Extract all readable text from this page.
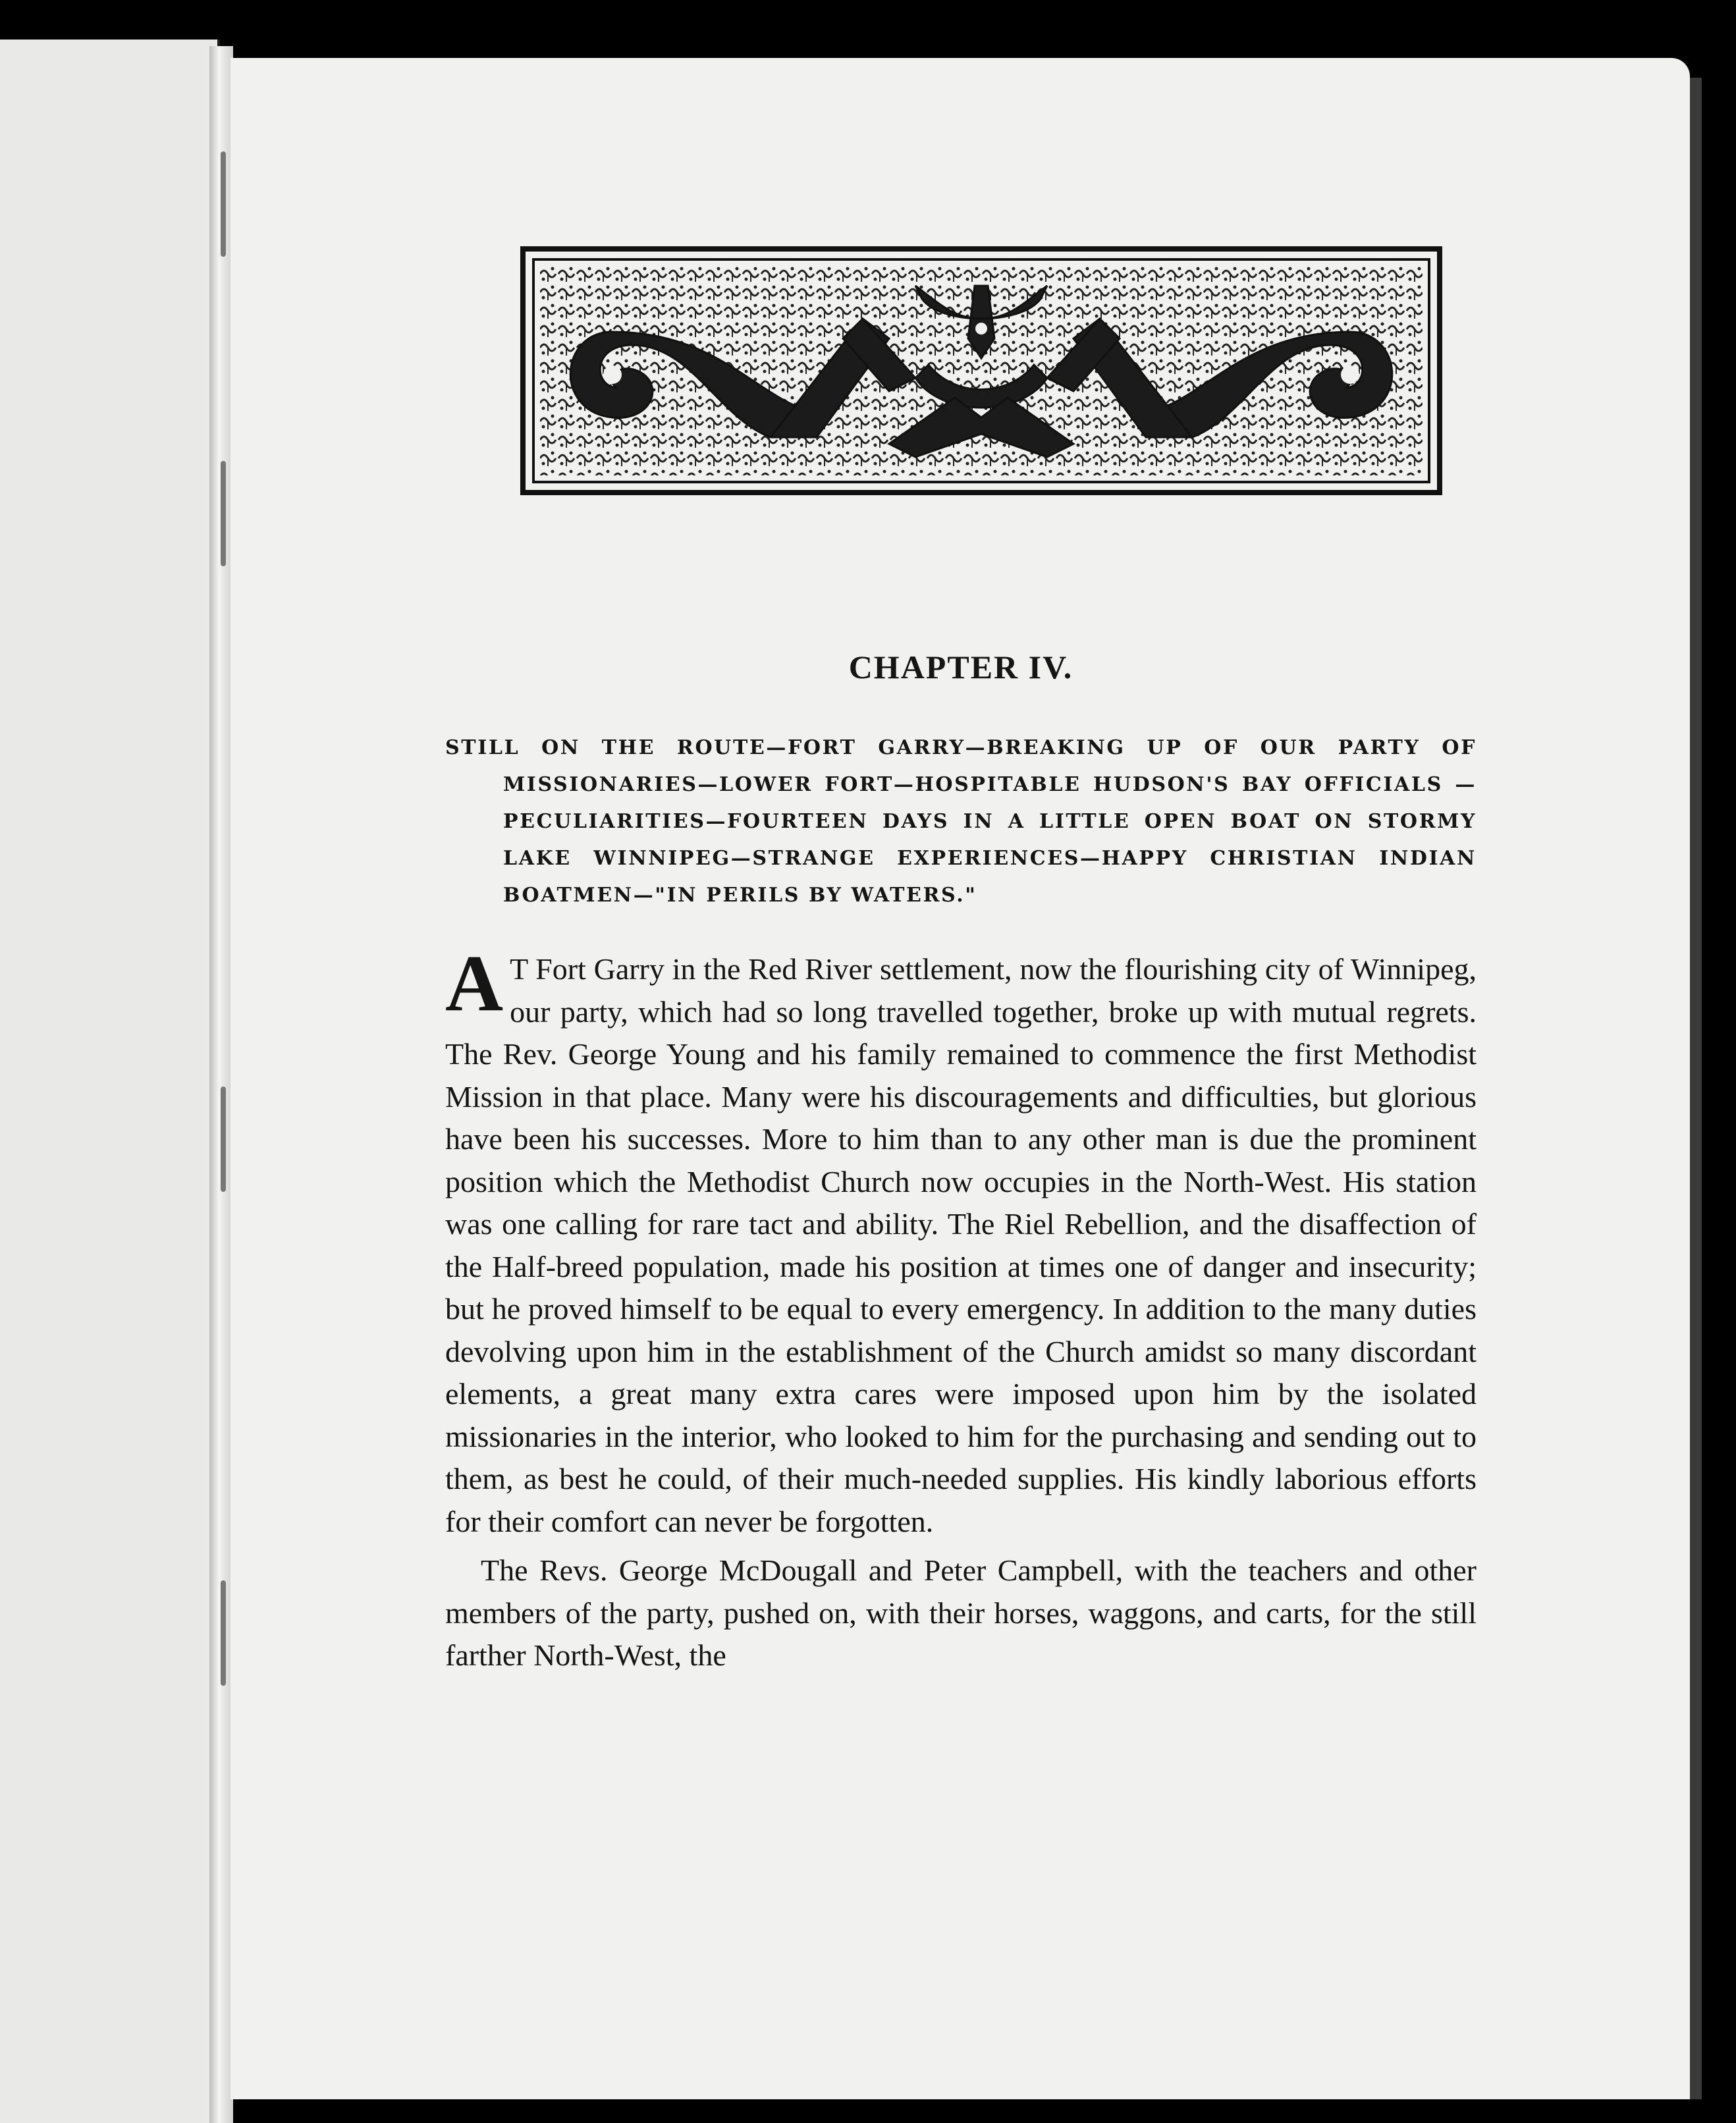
CHAPTER IV.

STILL ON THE ROUTE—FORT GARRY—BREAKING UP OF OUR PARTY OF MISSIONARIES—LOWER FORT—HOSPITABLE HUDSON'S BAY OFFICIALS —PECULIARITIES—FOURTEEN DAYS IN A LITTLE OPEN BOAT ON STORMY LAKE WINNIPEG—STRANGE EXPERIENCES—HAPPY CHRISTIAN INDIAN BOATMEN—"IN PERILS BY WATERS."

A T Fort Garry in the Red River settlement, now the flourishing city of Winnipeg, our party, which had so long travelled together, broke up with mutual regrets. The Rev. George Young and his family remained to commence the first Methodist Mission in that place. Many were his discouragements and difficulties, but glorious have been his successes. More to him than to any other man is due the prominent position which the Methodist Church now occupies in the North-West. His station was one calling for rare tact and ability. The Riel Rebellion, and the disaffection of the Half-breed population, made his position at times one of danger and insecurity; but he proved himself to be equal to every emergency. In addition to the many duties devolving upon him in the establishment of the Church amidst so many discordant elements, a great many extra cares were imposed upon him by the isolated missionaries in the interior, who looked to him for the purchasing and sending out to them, as best he could, of their much-needed supplies. His kindly laborious efforts for their comfort can never be forgotten.

The Revs. George McDougall and Peter Campbell, with the teachers and other members of the party, pushed on, with their horses, waggons, and carts, for the still farther North-West, the
